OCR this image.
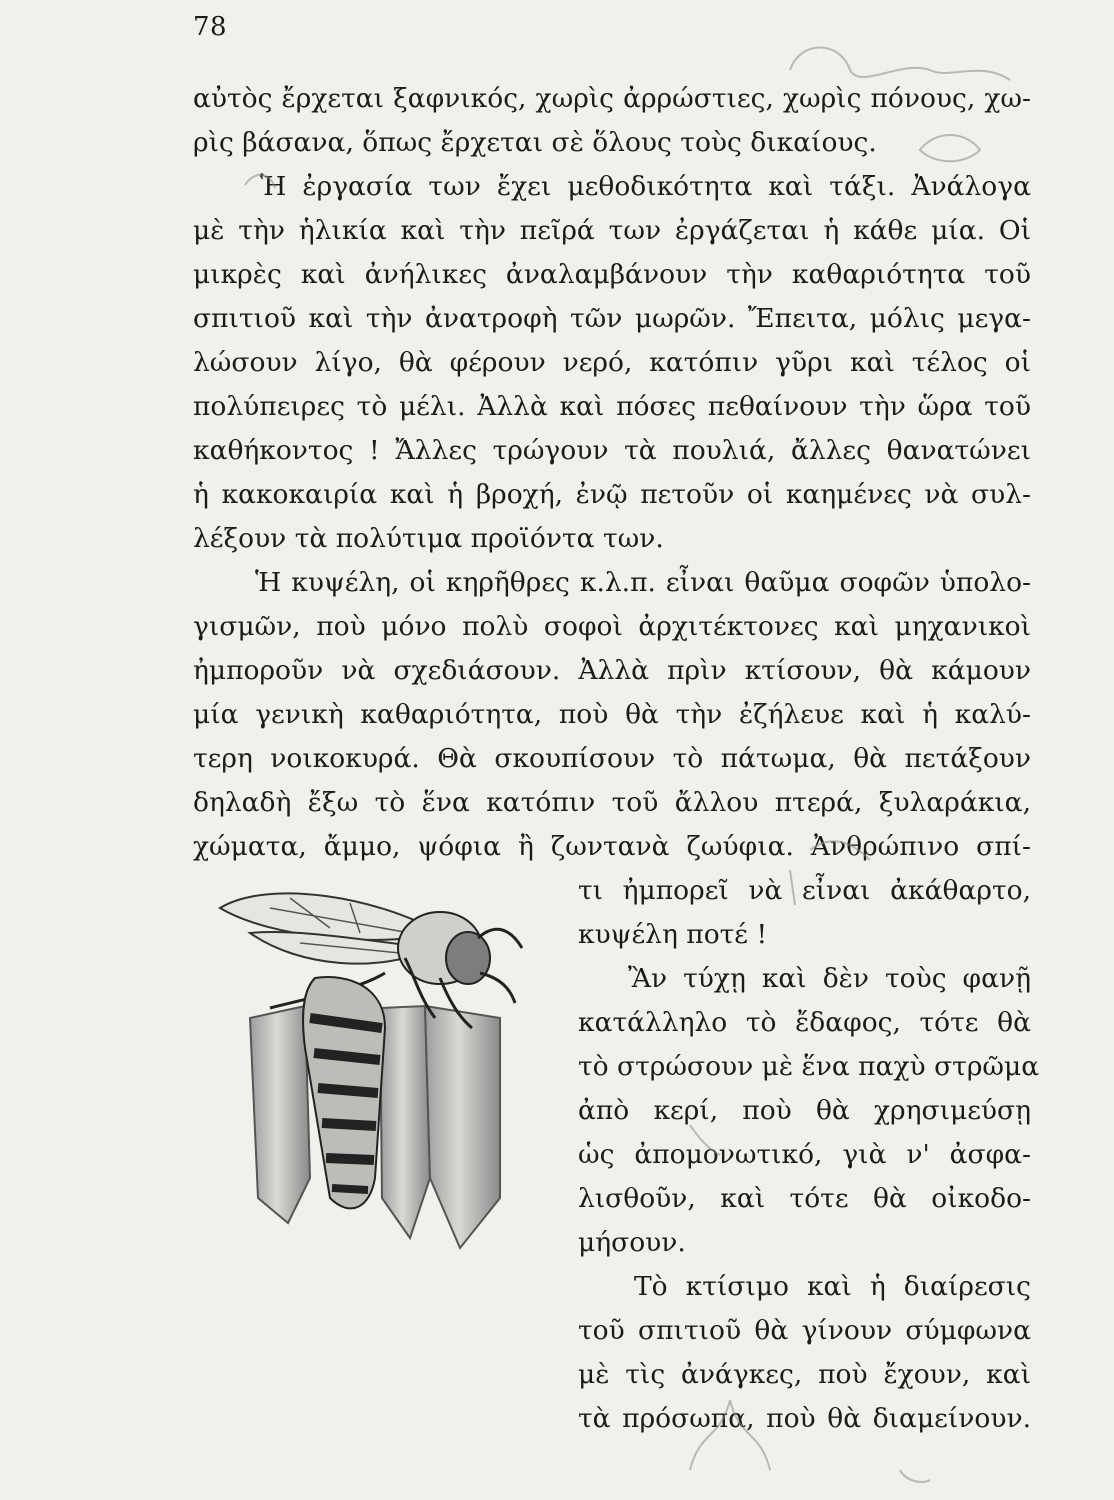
78
αὐτὸς ἔρχεται ξαφνικός, χωρὶς ἀρρώστιες, χωρὶς πόνους, χω-
ρὶς βάσανα, ὅπως ἔρχεται σὲ ὅλους τοὺς δικαίους.
Ἡ ἐργασία των ἔχει μεθοδικότητα καὶ τάξι. Ἀνάλογα
μὲ τὴν ἡλικία καὶ τὴν πεῖρά των ἐργάζεται ἡ κάθε μία. Οἱ
μικρὲς καὶ ἀνήλικες ἀναλαμβάνουν τὴν καθαριότητα τοῦ
σπιτιοῦ καὶ τὴν ἀνατροφὴ τῶν μωρῶν. Ἔπειτα, μόλις μεγα-
λώσουν λίγο, θὰ φέρουν νερό, κατόπιν γῦρι καὶ τέλος οἱ
πολύπειρες τὸ μέλι. Ἀλλὰ καὶ πόσες πεθαίνουν τὴν ὥρα τοῦ
καθήκοντος ! Ἄλλες τρώγουν τὰ πουλιά, ἄλλες θανατώνει
ἡ κακοκαιρία καὶ ἡ βροχή, ἐνῷ πετοῦν οἱ καημένες νὰ συλ-
λέξουν τὰ πολύτιμα προϊόντα των.
Ἡ κυψέλη, οἱ κηρῆθρες κ.λ.π. εἶναι θαῦμα σοφῶν ὑπολο-
γισμῶν, ποὺ μόνο πολὺ σοφοὶ ἀρχιτέκτονες καὶ μηχανικοὶ
ἠμποροῦν νὰ σχεδιάσουν. Ἀλλὰ πρὶν κτίσουν, θὰ κάμουν
μία γενικὴ καθαριότητα, ποὺ θὰ τὴν ἐζήλευε καὶ ἡ καλύ-
τερη νοικοκυρά. Θὰ σκουπίσουν τὸ πάτωμα, θὰ πετάξουν
δηλαδὴ ἔξω τὸ ἕνα κατόπιν τοῦ ἄλλου πτερά, ξυλαράκια,
χώματα, ἄμμο, ψόφια ἢ ζωντανὰ ζωύφια. Ἀνθρώπινο σπί-
τι ἠμπορεῖ νὰ εἶναι ἀκάθαρτο,
κυψέλη ποτέ !
Ἂν τύχῃ καὶ δὲν τοὺς φανῇ
κατάλληλο τὸ ἔδαφος, τότε θὰ
τὸ στρώσουν μὲ ἕνα παχὺ στρῶμα
ἀπὸ κερί, ποὺ θὰ χρησιμεύσῃ
ὡς ἀπομονωτικό, γιὰ ν' ἀσφα-
λισθοῦν, καὶ τότε θὰ οἰκοδο-
μήσουν.
Τὸ κτίσιμο καὶ ἡ διαίρεσις
τοῦ σπιτιοῦ θὰ γίνουν σύμφωνα
μὲ τὶς ἀνάγκες, ποὺ ἔχουν, καὶ
τὰ πρόσωπα, ποὺ θὰ διαμείνουν.
